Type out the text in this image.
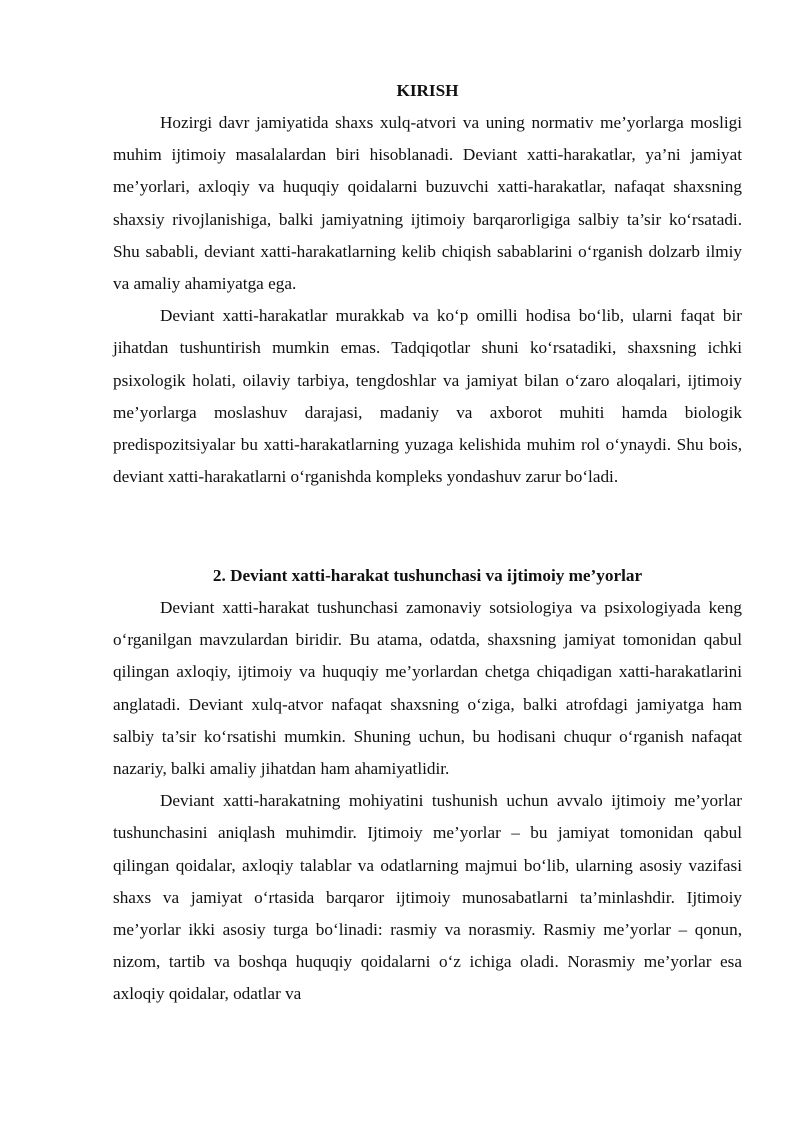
KIRISH

Hozirgi davr jamiyatida shaxs xulq-atvori va uning normativ me’yorlarga mosligi muhim ijtimoiy masalalardan biri hisoblanadi. Deviant xatti-harakatlar, ya’ni jamiyat me’yorlari, axloqiy va huquqiy qoidalarni buzuvchi xatti-harakatlar, nafaqat shaxsning shaxsiy rivojlanishiga, balki jamiyatning ijtimoiy barqarorligiga salbiy ta’sir ko‘rsatadi. Shu sababli, deviant xatti-harakatlarning kelib chiqish sabablarini o‘rganish dolzarb ilmiy va amaliy ahamiyatga ega.

Deviant xatti-harakatlar murakkab va ko‘p omilli hodisa bo‘lib, ularni faqat bir jihatdan tushuntirish mumkin emas. Tadqiqotlar shuni ko‘rsatadiki, shaxsning ichki psixologik holati, oilaviy tarbiya, tengdoshlar va jamiyat bilan o‘zaro aloqalari, ijtimoiy me’yorlarga moslashuv darajasi, madaniy va axborot muhiti hamda biologik predispozitsiyalar bu xatti-harakatlarning yuzaga kelishida muhim rol o‘ynaydi. Shu bois, deviant xatti-harakatlarni o‘rganishda kompleks yondashuv zarur bo‘ladi.

2. Deviant xatti-harakat tushunchasi va ijtimoiy me’yorlar

Deviant xatti-harakat tushunchasi zamonaviy sotsiologiya va psixologiyada keng o‘rganilgan mavzulardan biridir. Bu atama, odatda, shaxsning jamiyat tomonidan qabul qilingan axloqiy, ijtimoiy va huquqiy me’yorlardan chetga chiqadigan xatti-harakatlarini anglatadi. Deviant xulq-atvor nafaqat shaxsning o‘ziga, balki atrofdagi jamiyatga ham salbiy ta’sir ko‘rsatishi mumkin. Shuning uchun, bu hodisani chuqur o‘rganish nafaqat nazariy, balki amaliy jihatdan ham ahamiyatlidir.

Deviant xatti-harakatning mohiyatini tushunish uchun avvalo ijtimoiy me’yorlar tushunchasini aniqlash muhimdir. Ijtimoiy me’yorlar – bu jamiyat tomonidan qabul qilingan qoidalar, axloqiy talablar va odatlarning majmui bo‘lib, ularning asosiy vazifasi shaxs va jamiyat o‘rtasida barqaror ijtimoiy munosabatlarni ta’minlashdir. Ijtimoiy me’yorlar ikki asosiy turga bo‘linadi: rasmiy va norasmiy. Rasmiy me’yorlar – qonun, nizom, tartib va boshqa huquqiy qoidalarni o‘z ichiga oladi. Norasmiy me’yorlar esa axloqiy qoidalar, odatlar va
